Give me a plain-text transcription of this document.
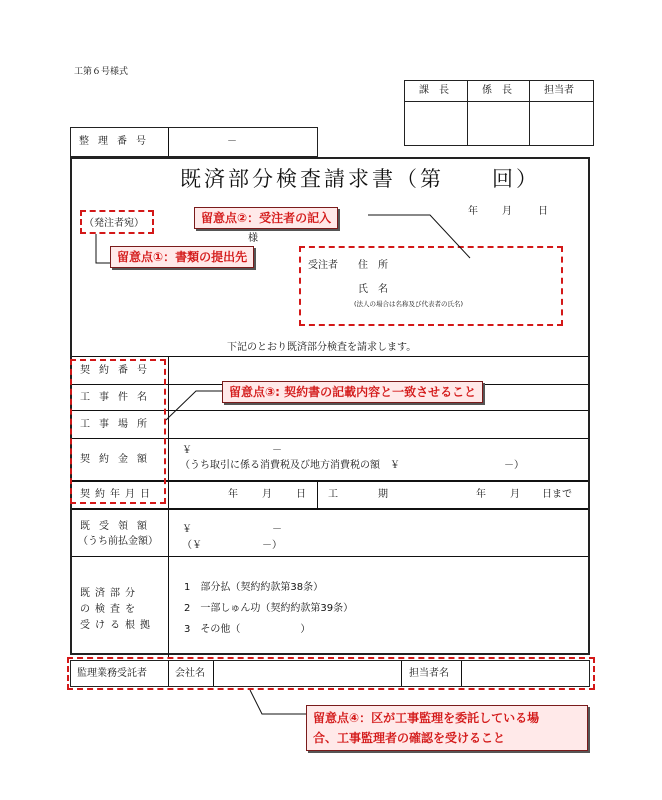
工第６号様式
課　長	係　長	担当者
整理番号	－
既済部分検査請求書（第　　回）
年 月	日
（発注者宛）
様
受注者 住　所
氏　名
(法人の場合は名称及び代表者の氏名)
下記のとおり既済部分検査を請求します。
契約番号
工事件名
工事場所
契約金額
￥	－
（うち取引に係る消費税及び地方消費税の額　￥	－）
契約年月日	年 月 日 工　　　　期	年 月 日まで
既受領額
（うち前払金額）
￥	－
（￥　　　　　　－）
既済部分
の検査を
受ける根拠
1　部分払（契約約款第38条）
2　一部しゅん功（契約約款第39条）
3　その他（　　　　　　）
監理業務受託者	会社名	担当者名
留意点①：書類の提出先
留意点②：受注者の記入
留意点③: 契約書の記載内容と一致させること
留意点④：区が工事監理を委託している場
合、工事監理者の確認を受けること
